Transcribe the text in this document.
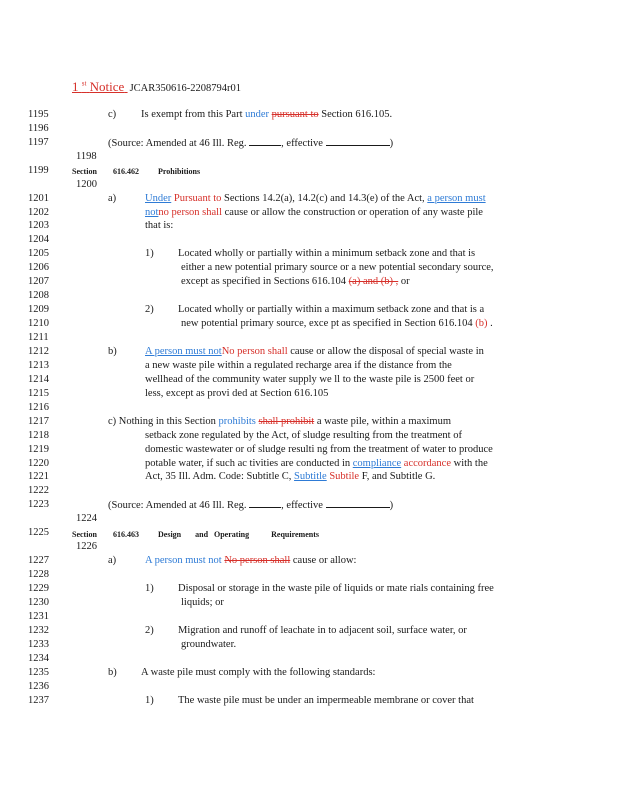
1 $^{st}$ Notice JCAR350616-2208794r01
1195
1196
1197
1198
1199
1200
1201
1202
1203
1204
1205
1206
1207
1208
1209
1210
1211
1212
1213
1214
1215
1216
1217
1218
1219
1220
1221
1222
1223
1224
1225
1226
1227
1228
1229
1230
1231
1232
1233
1234
1235
1236
1237
c) Is exempt from this Part under pursuant to Section 616.105.
(Source: Amended at 46 Ill. Reg.	, effective	)
Section 616.462 Prohibitions
a)	Under Pursuant to Sections 14.2(a), 14.2(c) and 14.3(e) of the Act, a person must
notno person shall cause or allow the construction or operation of any waste pile
that is:
1) Located wholly or partially within a minimum setback zone and that is
either a new potential primary source or a new potential secondary source,
except as specified in Sections 616.104 (a) and (b) , or
2) Located wholly or partially within a maximum setback zone and that is a
new potential primary source, exce pt as specified in Section 616.104 (b) .
b)	A person must notNo person shall cause or allow the disposal of special waste in
a new waste pile within a regulated recharge area if the distance from the
wellhead of the community water supply we ll to the waste pile is 2500 feet or
less, except as provi ded at Section 616.105
c) Nothing in this Section prohibits shall prohibit a waste pile, within a maximum
setback zone regulated by the Act, of sludge resulting from the treatment of
domestic wastewater or of sludge resulti ng from the treatment of water to produce
potable water, if such ac tivities are conducted in compliance accordance with the
Act, 35 Ill. Adm. Code: Subtitle C, Subtitle Subtile F, and Subtitle G.
(Source: Amended at 46 Ill. Reg.	, effective	)
Section 616.463 Design       and   Operating           Requirements
a)	A person must not No person shall cause or allow:
1) Disposal or storage in the waste pile of liquids or mate rials containing free
liquids; or
2) Migration and runoff of leachate in to adjacent soil, surface water, or
groundwater.
b) A waste pile must comply with the following standards:
1) The waste pile must be under an impermeable membrane or cover that
